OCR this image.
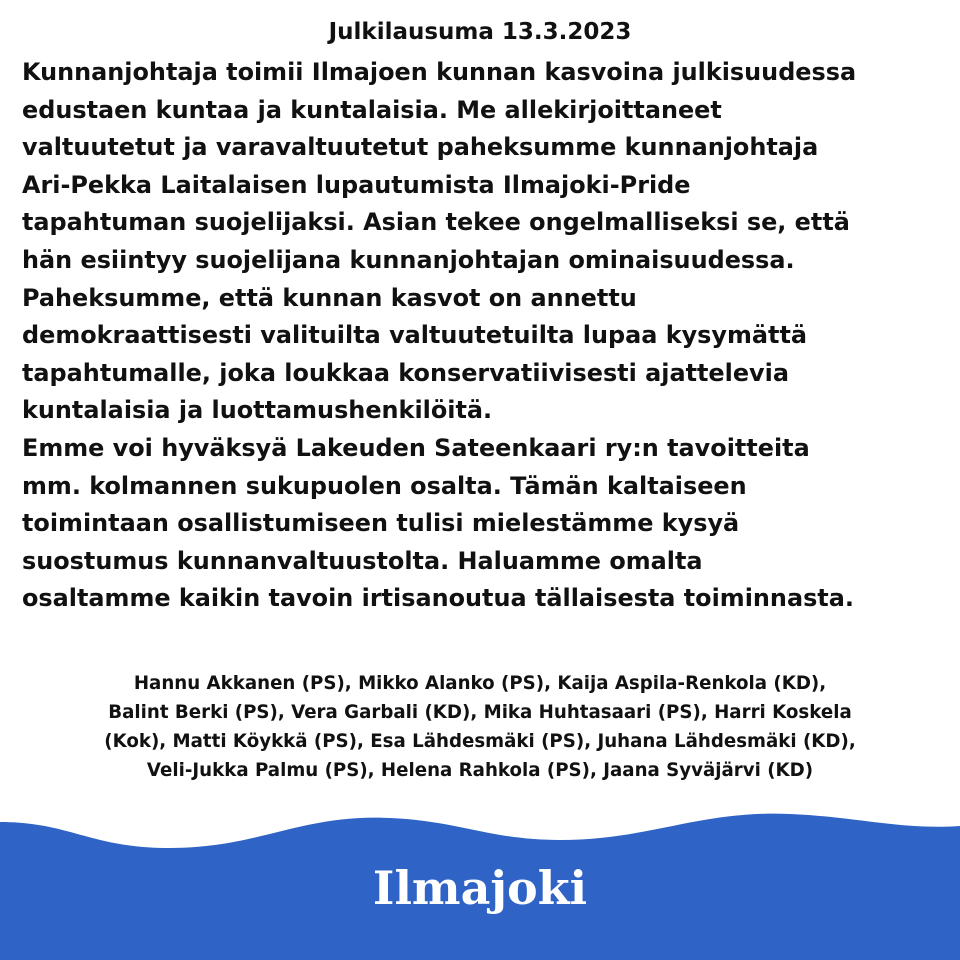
Julkilausuma 13.3.2023
Kunnanjohtaja toimii Ilmajoen kunnan kasvoina julkisuudessa
edustaen kuntaa ja kuntalaisia. Me allekirjoittaneet
valtuutetut ja varavaltuutetut paheksumme kunnanjohtaja
Ari-Pekka Laitalaisen lupautumista Ilmajoki-Pride
tapahtuman suojelijaksi. Asian tekee ongelmalliseksi se, että
hän esiintyy suojelijana kunnanjohtajan ominaisuudessa.
Paheksumme, että kunnan kasvot on annettu
demokraattisesti valituilta valtuutetuilta lupaa kysymättä
tapahtumalle, joka loukkaa konservatiivisesti ajattelevia
kuntalaisia ja luottamushenkilöitä.
Emme voi hyväksyä Lakeuden Sateenkaari ry:n tavoitteita
mm. kolmannen sukupuolen osalta. Tämän kaltaiseen
toimintaan osallistumiseen tulisi mielestämme kysyä
suostumus kunnanvaltuustolta. Haluamme omalta
osaltamme kaikin tavoin irtisanoutua tällaisesta toiminnasta.
Hannu Akkanen (PS), Mikko Alanko (PS), Kaija Aspila-Renkola (KD),
Balint Berki (PS), Vera Garbali (KD), Mika Huhtasaari (PS), Harri Koskela
(Kok), Matti Köykkä (PS), Esa Lähdesmäki (PS), Juhana Lähdesmäki (KD),
Veli-Jukka Palmu (PS), Helena Rahkola (PS), Jaana Syväjärvi (KD)
Ilmajoki
